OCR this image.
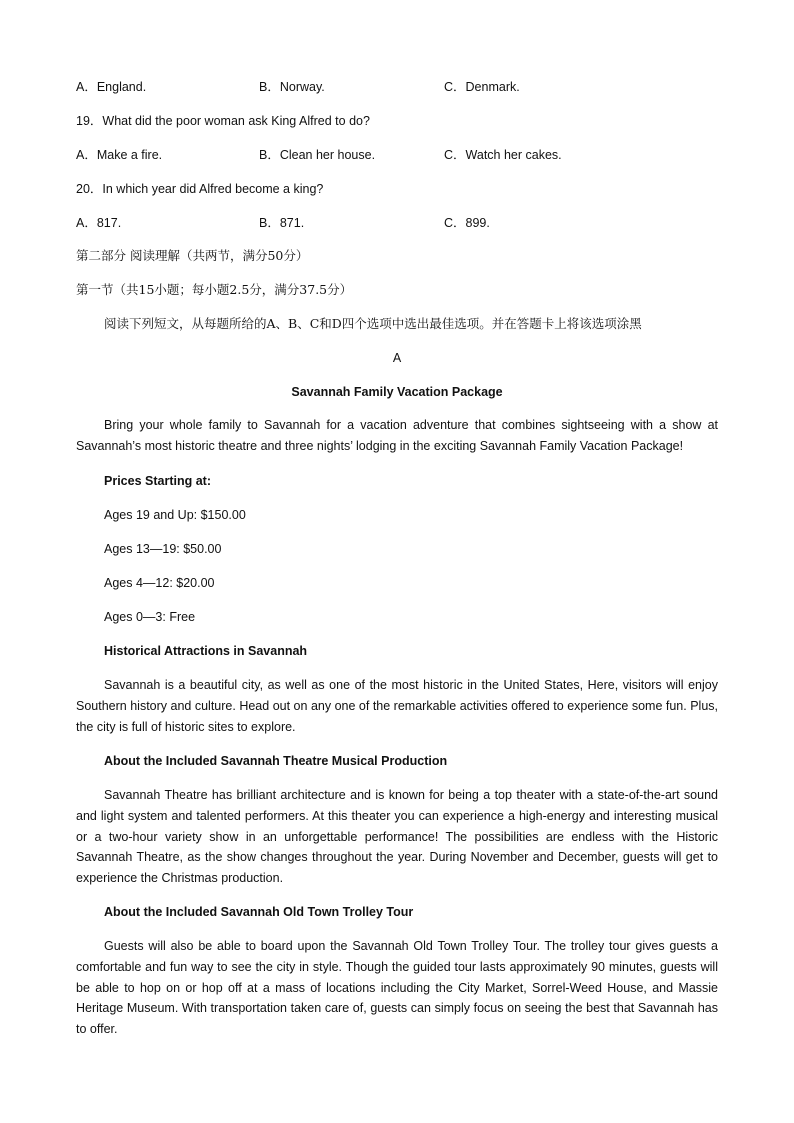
A．England.	B．Norway.	C．Denmark.
19．What did the poor woman ask King Alfred to do?
A．Make a fire.	B．Clean her house.	C．Watch her cakes.
20．In which year did Alfred become a king?
A．817.	B．871.	C．899.
第二部分 阅读理解（共两节，满分50分）
第一节（共15小题；每小题2.5分，满分37.5分）
阅读下列短文，从每题所给的A、B、C和D四个选项中选出最佳选项。并在答题卡上将该选项涂黑
A
Savannah Family Vacation Package
Bring your whole family to Savannah for a vacation adventure that combines sightseeing with a show at Savannah’s most historic theatre and three nights’ lodging in the exciting Savannah Family Vacation Package!
Prices Starting at:
Ages 19 and Up: $150.00
Ages 13—19: $50.00
Ages 4—12: $20.00
Ages 0—3: Free
Historical Attractions in Savannah
Savannah is a beautiful city, as well as one of the most historic in the United States, Here, visitors will enjoy Southern history and culture. Head out on any one of the remarkable activities offered to experience some fun. Plus, the city is full of historic sites to explore.
About the Included Savannah Theatre Musical Production
Savannah Theatre has brilliant architecture and is known for being a top theater with a state-of-the-art sound and light system and talented performers. At this theater you can experience a high-energy and interesting musical or a two-hour variety show in an unforgettable performance! The possibilities are endless with the Historic Savannah Theatre, as the show changes throughout the year. During November and December, guests will get to experience the Christmas production.
About the Included Savannah Old Town Trolley Tour
Guests will also be able to board upon the Savannah Old Town Trolley Tour. The trolley tour gives guests a comfortable and fun way to see the city in style. Though the guided tour lasts approximately 90 minutes, guests will be able to hop on or hop off at a mass of locations including the City Market, Sorrel-Weed House, and Massie Heritage Museum. With transportation taken care of, guests can simply focus on seeing the best that Savannah has to offer.
